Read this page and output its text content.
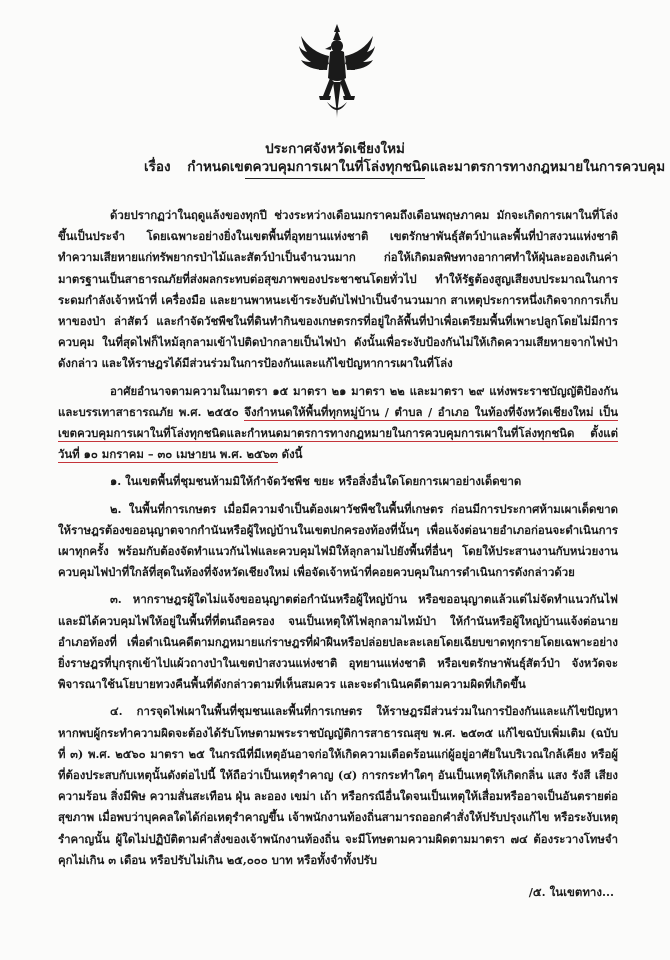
ประกาศจังหวัดเชียงใหม่

เรื่อง กำหนดเขตควบคุมการเผาในที่โล่งทุกชนิดและมาตรการทางกฎหมายในการควบคุม

ด้วยปรากฏว่าในฤดูแล้งของทุกปี ช่วงระหว่างเดือนมกราคมถึงเดือนพฤษภาคม มักจะเกิดการเผาในที่โล่งขึ้นเป็นประจำ โดยเฉพาะอย่างยิ่งในเขตพื้นที่อุทยานแห่งชาติ เขตรักษาพันธุ์สัตว์ป่าและพื้นที่ป่าสงวนแห่งชาติ ทำความเสียหายแก่ทรัพยากรป่าไม้และสัตว์ป่าเป็นจำนวนมาก ก่อให้เกิดมลพิษทางอากาศทำให้ฝุ่นละอองเกินค่ามาตรฐานเป็นสาธารณภัยที่ส่งผลกระทบต่อสุขภาพของประชาชนโดยทั่วไป ทำให้รัฐต้องสูญเสียงบประมาณในการระดมกำลังเจ้าหน้าที่ เครื่องมือ และยานพาหนะเข้าระงับดับไฟป่าเป็นจำนวนมาก สาเหตุประการหนึ่งเกิดจากการเก็บหาของป่า ล่าสัตว์ และกำจัดวัชพืชในที่ดินทำกินของเกษตรกรที่อยู่ใกล้พื้นที่ป่าเพื่อเตรียมพื้นที่เพาะปลูกโดยไม่มีการควบคุม ในที่สุดไฟก็ไหม้ลุกลามเข้าไปติดป่ากลายเป็นไฟป่า ดังนั้นเพื่อระงับป้องกันไม่ให้เกิดความเสียหายจากไฟป่าดังกล่าว และให้ราษฎรได้มีส่วนร่วมในการป้องกันและแก้ไขปัญหาการเผาในที่โล่ง

อาศัยอำนาจตามความในมาตรา ๑๕ มาตรา ๒๑ มาตรา ๒๒ และมาตรา ๒๙ แห่งพระราชบัญญัติป้องกันและบรรเทาสาธารณภัย พ.ศ. ๒๕๕๐ จึงกำหนดให้พื้นที่ทุกหมู่บ้าน / ตำบล / อำเภอ ในท้องที่จังหวัดเชียงใหม่ เป็นเขตควบคุมการเผาในที่โล่งทุกชนิดและกำหนดมาตรการทางกฎหมายในการควบคุมการเผาในที่โล่งทุกชนิด ตั้งแต่วันที่ ๑๐ มกราคม – ๓๐ เมษายน พ.ศ. ๒๕๖๓ ดังนี้

๑. ในเขตพื้นที่ชุมชนห้ามมิให้กำจัดวัชพืช ขยะ หรือสิ่งอื่นใดโดยการเผาอย่างเด็ดขาด

๒. ในพื้นที่การเกษตร เมื่อมีความจำเป็นต้องเผาวัชพืชในพื้นที่เกษตร ก่อนมีการประกาศห้ามเผาเด็ดขาด ให้ราษฎรต้องขออนุญาตจากกำนันหรือผู้ใหญ่บ้านในเขตปกครองท้องที่นั้นๆ เพื่อแจ้งต่อนายอำเภอก่อนจะดำเนินการเผาทุกครั้ง พร้อมกับต้องจัดทำแนวกันไฟและควบคุมไฟมิให้ลุกลามไปยังพื้นที่อื่นๆ โดยให้ประสานงานกับหน่วยงานควบคุมไฟป่าที่ใกล้ที่สุดในท้องที่จังหวัดเชียงใหม่ เพื่อจัดเจ้าหน้าที่คอยควบคุมในการดำเนินการดังกล่าวด้วย

๓. หากราษฎรผู้ใดไม่แจ้งขออนุญาตต่อกำนันหรือผู้ใหญ่บ้าน หรือขออนุญาตแล้วแต่ไม่จัดทำแนวกันไฟ และมิได้ควบคุมไฟให้อยู่ในพื้นที่ที่ตนถือครอง จนเป็นเหตุให้ไฟลุกลามไหม้ป่า ให้กำนันหรือผู้ใหญ่บ้านแจ้งต่อนายอำเภอท้องที่ เพื่อดำเนินคดีตามกฎหมายแก่ราษฎรที่ฝ่าฝืนหรือปล่อยปละละเลยโดยเฉียบขาดทุกรายโดยเฉพาะอย่างยิ่งราษฎรที่บุกรุกเข้าไปแผ้วถางป่าในเขตป่าสงวนแห่งชาติ อุทยานแห่งชาติ หรือเขตรักษาพันธุ์สัตว์ป่า จังหวัดจะพิจารณาใช้นโยบายทวงคืนพื้นที่ดังกล่าวตามที่เห็นสมควร และจะดำเนินคดีตามความผิดที่เกิดขึ้น

๔. การจุดไฟเผาในพื้นที่ชุมชนและพื้นที่การเกษตร ให้ราษฎรมีส่วนร่วมในการป้องกันและแก้ไขปัญหา หากพบผู้กระทำความผิดจะต้องได้รับโทษตามพระราชบัญญัติการสาธารณสุข พ.ศ. ๒๕๓๕ แก้ไขฉบับเพิ่มเติม (ฉบับที่ ๓) พ.ศ. ๒๕๖๐ มาตรา ๒๕ ในกรณีที่มีเหตุอันอาจก่อให้เกิดความเดือดร้อนแก่ผู้อยู่อาศัยในบริเวณใกล้เคียง หรือผู้ที่ต้องประสบกับเหตุนั้นดังต่อไปนี้ ให้ถือว่าเป็นเหตุรำคาญ (๔) การกระทำใดๆ อันเป็นเหตุให้เกิดกลิ่น แสง รังสี เสียง ความร้อน สิ่งมีพิษ ความสั่นสะเทือน ฝุ่น ละออง เขม่า เถ้า หรือกรณีอื่นใดจนเป็นเหตุให้เสื่อมหรืออาจเป็นอันตรายต่อสุขภาพ เมื่อพบว่าบุคคลใดได้ก่อเหตุรำคาญขึ้น เจ้าพนักงานท้องถิ่นสามารถออกคำสั่งให้ปรับปรุงแก้ไข หรือระงับเหตุรำคาญนั้น ผู้ใดไม่ปฏิบัติตามคำสั่งของเจ้าพนักงานท้องถิ่น จะมีโทษตามความผิดตามมาตรา ๗๔ ต้องระวางโทษจำคุกไม่เกิน ๓ เดือน หรือปรับไม่เกิน ๒๕,๐๐๐ บาท หรือทั้งจำทั้งปรับ

/๕. ในเขตทาง...
